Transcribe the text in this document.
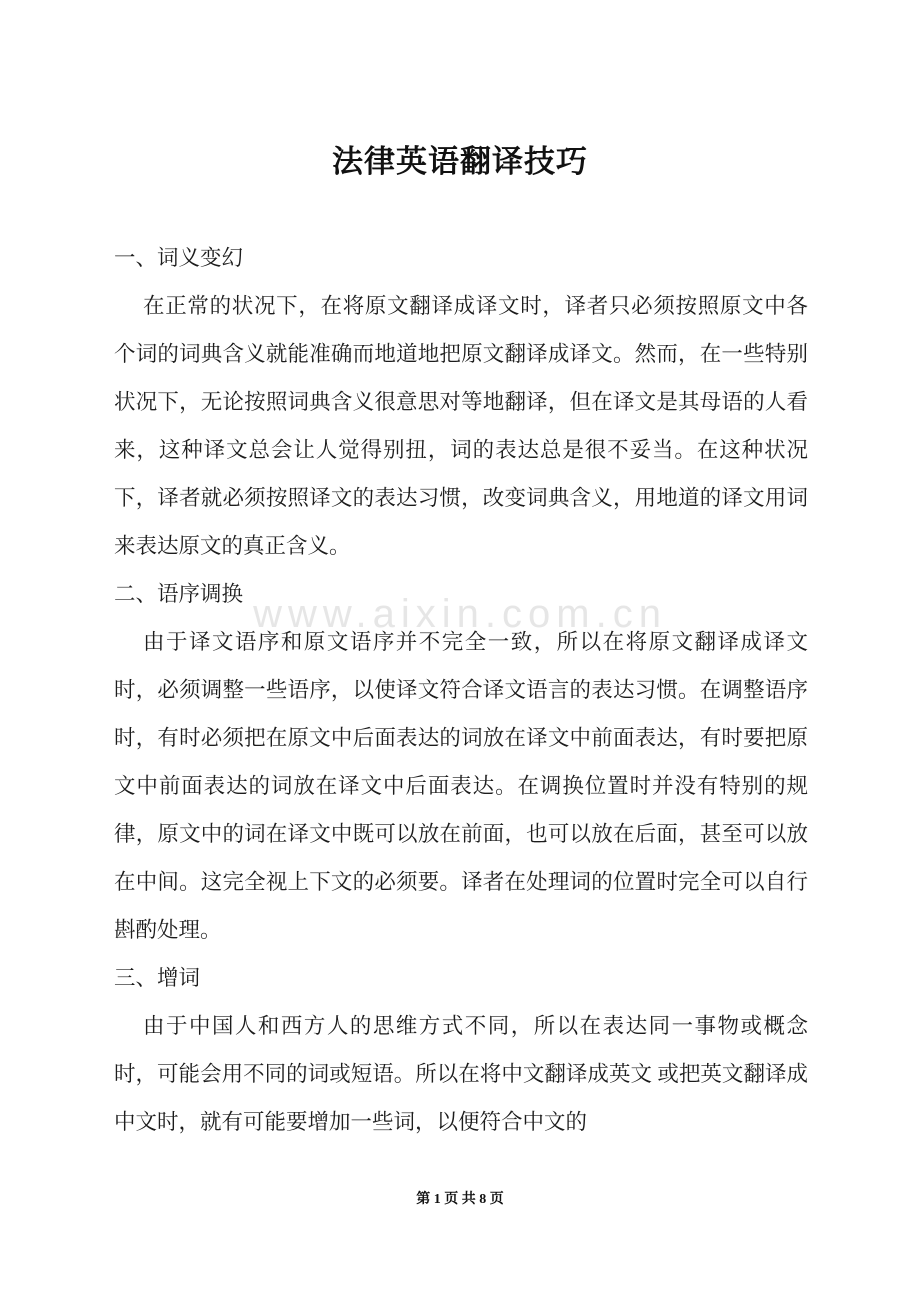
法律英语翻译技巧
www.aixin.com.cn

一、词义变幻

在正常的状况下，在将原文翻译成译文时，译者只必须按照原文中各个词的词典含义就能准确而地道地把原文翻译成译文。然而，在一些特别状况下，无论按照词典含义很意思对等地翻译，但在译文是其母语的人看来，这种译文总会让人觉得别扭，词的表达总是很不妥当。在这种状况下，译者就必须按照译文的表达习惯，改变词典含义，用地道的译文用词来表达原文的真正含义。

二、语序调换

由于译文语序和原文语序并不完全一致，所以在将原文翻译成译文时，必须调整一些语序，以使译文符合译文语言的表达习惯。在调整语序时，有时必须把在原文中后面表达的词放在译文中前面表达，有时要把原文中前面表达的词放在译文中后面表达。在调换位置时并没有特别的规律，原文中的词在译文中既可以放在前面，也可以放在后面，甚至可以放在中间。这完全视上下文的必须要。译者在处理词的位置时完全可以自行斟酌处理。

三、增词

由于中国人和西方人的思维方式不同，所以在表达同一事物或概念时，可能会用不同的词或短语。所以在将中文翻译成英文 或把英文翻译成中文时，就有可能要增加一些词，以便符合中文的

第 1 页 共 8 页
